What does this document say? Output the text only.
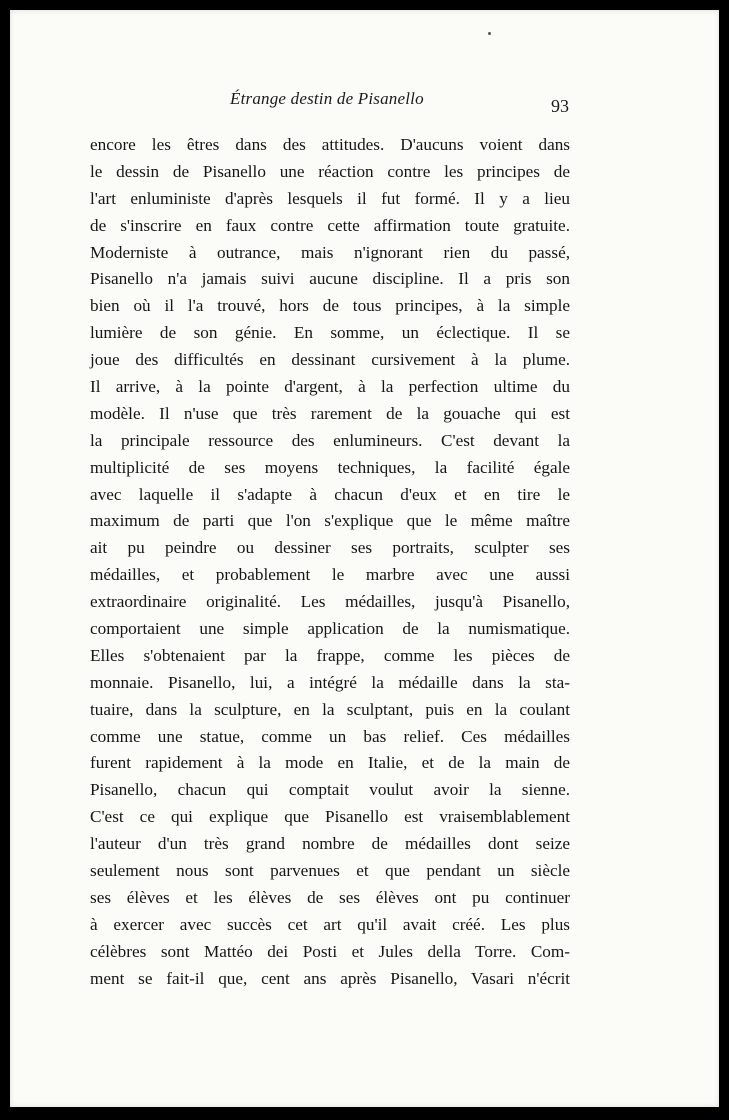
Étrange destin de Pisanello	93
encore les êtres dans des attitudes. D'aucuns voient dans
le dessin de Pisanello une réaction contre les principes de
l'art enluministe d'après lesquels il fut formé. Il y a lieu
de s'inscrire en faux contre cette affirmation toute gratuite.
Moderniste à outrance, mais n'ignorant rien du passé,
Pisanello n'a jamais suivi aucune discipline. Il a pris son
bien où il l'a trouvé, hors de tous principes, à la simple
lumière de son génie. En somme, un éclectique. Il se
joue des difficultés en dessinant cursivement à la plume.
Il arrive, à la pointe d'argent, à la perfection ultime du
modèle. Il n'use que très rarement de la gouache qui est
la principale ressource des enlumineurs. C'est devant la
multiplicité de ses moyens techniques, la facilité égale
avec laquelle il s'adapte à chacun d'eux et en tire le
maximum de parti que l'on s'explique que le même maître
ait pu peindre ou dessiner ses portraits, sculpter ses
médailles, et probablement le marbre avec une aussi
extraordinaire originalité. Les médailles, jusqu'à Pisanello,
comportaient une simple application de la numismatique.
Elles s'obtenaient par la frappe, comme les pièces de
monnaie. Pisanello, lui, a intégré la médaille dans la sta-
tuaire, dans la sculpture, en la sculptant, puis en la coulant
comme une statue, comme un bas relief. Ces médailles
furent rapidement à la mode en Italie, et de la main de
Pisanello, chacun qui comptait voulut avoir la sienne.
C'est ce qui explique que Pisanello est vraisemblablement
l'auteur d'un très grand nombre de médailles dont seize
seulement nous sont parvenues et que pendant un siècle
ses élèves et les élèves de ses élèves ont pu continuer
à exercer avec succès cet art qu'il avait créé. Les plus
célèbres sont Mattéo dei Posti et Jules della Torre. Com-
ment se fait-il que, cent ans après Pisanello, Vasari n'écrit
